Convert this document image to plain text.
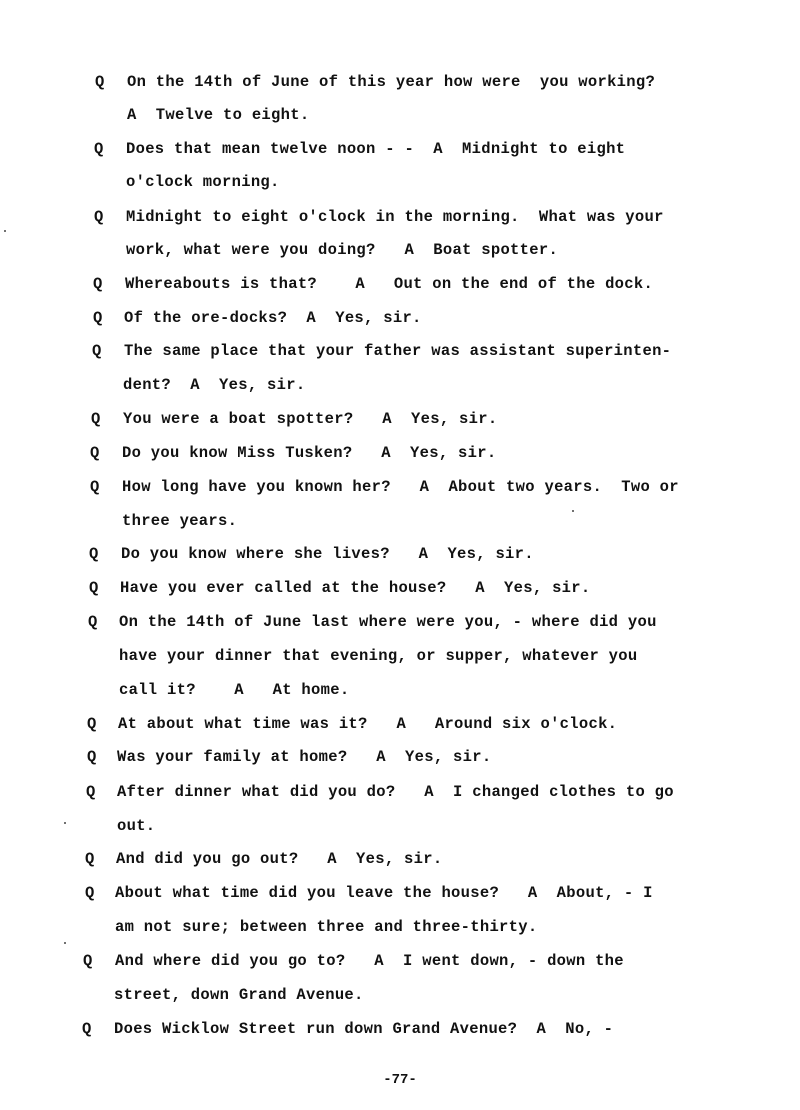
Q On the 14th of June of this year how were  you working?
A  Twelve to eight.
Q Does that mean twelve noon - -  A  Midnight to eight
o'clock morning.
Q Midnight to eight o'clock in the morning.  What was your
work, what were you doing?   A  Boat spotter.
Q Whereabouts is that?    A   Out on the end of the dock.
Q Of the ore-docks?  A  Yes, sir.
Q The same place that your father was assistant superinten-
dent?  A  Yes, sir.
Q You were a boat spotter?   A  Yes, sir.
Q Do you know Miss Tusken?   A  Yes, sir.
Q How long have you known her?   A  About two years.  Two or
three years.
Q Do you know where she lives?   A  Yes, sir.
Q Have you ever called at the house?   A  Yes, sir.
Q On the 14th of June last where were you, - where did you
have your dinner that evening, or supper, whatever you
call it?    A   At home.
Q At about what time was it?   A   Around six o'clock.
Q Was your family at home?   A  Yes, sir.
Q After dinner what did you do?   A  I changed clothes to go
out.
Q And did you go out?   A  Yes, sir.
Q About what time did you leave the house?   A  About, - I
am not sure; between three and three-thirty.
Q And where did you go to?   A  I went down, - down the
street, down Grand Avenue.
Q Does Wicklow Street run down Grand Avenue?  A  No, -
-77-
